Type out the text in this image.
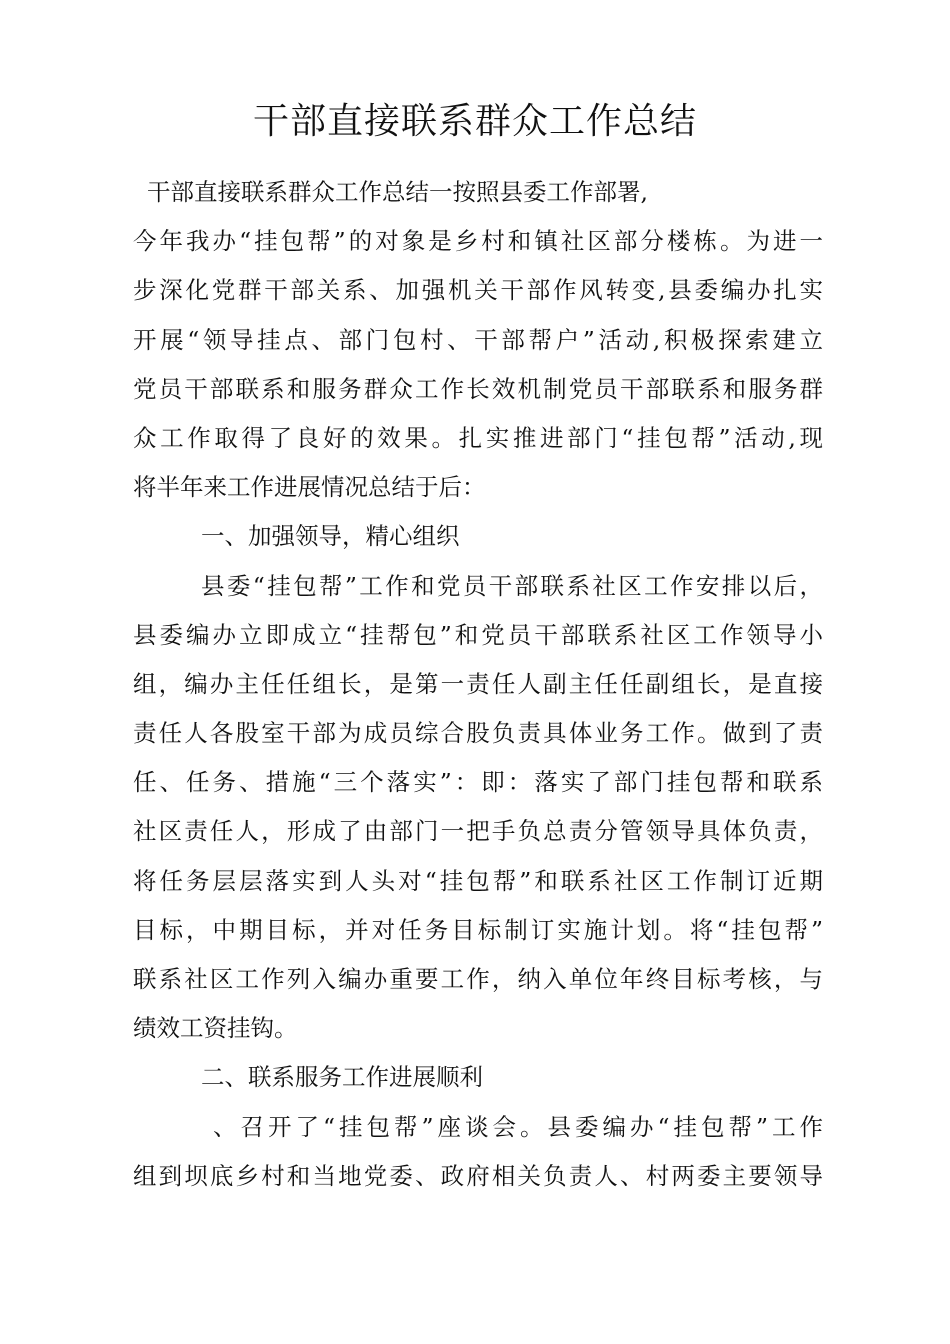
干部直接联系群众工作总结
干部直接联系群众工作总结一按照县委工作部署,
今年我办“挂包帮”的对象是乡村和镇社区部分楼栋。为进一
步深化党群干部关系、加强机关干部作风转变,县委编办扎实
开展“领导挂点、部门包村、干部帮户”活动,积极探索建立
党员干部联系和服务群众工作长效机制党员干部联系和服务群
众工作取得了良好的效果。扎实推进部门“挂包帮”活动,现
将半年来工作进展情况总结于后：
一、加强领导，精心组织
县委“挂包帮”工作和党员干部联系社区工作安排以后，
县委编办立即成立“挂帮包”和党员干部联系社区工作领导小
组，编办主任任组长，是第一责任人副主任任副组长，是直接
责任人各股室干部为成员综合股负责具体业务工作。做到了责
任、任务、措施“三个落实”：即：落实了部门挂包帮和联系
社区责任人，形成了由部门一把手负总责分管领导具体负责，
将任务层层落实到人头对“挂包帮”和联系社区工作制订近期
目标，中期目标，并对任务目标制订实施计划。将“挂包帮”
联系社区工作列入编办重要工作，纳入单位年终目标考核，与
绩效工资挂钩。
二、联系服务工作进展顺利
、召开了“挂包帮”座谈会。县委编办“挂包帮”工作
组到坝底乡村和当地党委、政府相关负责人、村两委主要领导
